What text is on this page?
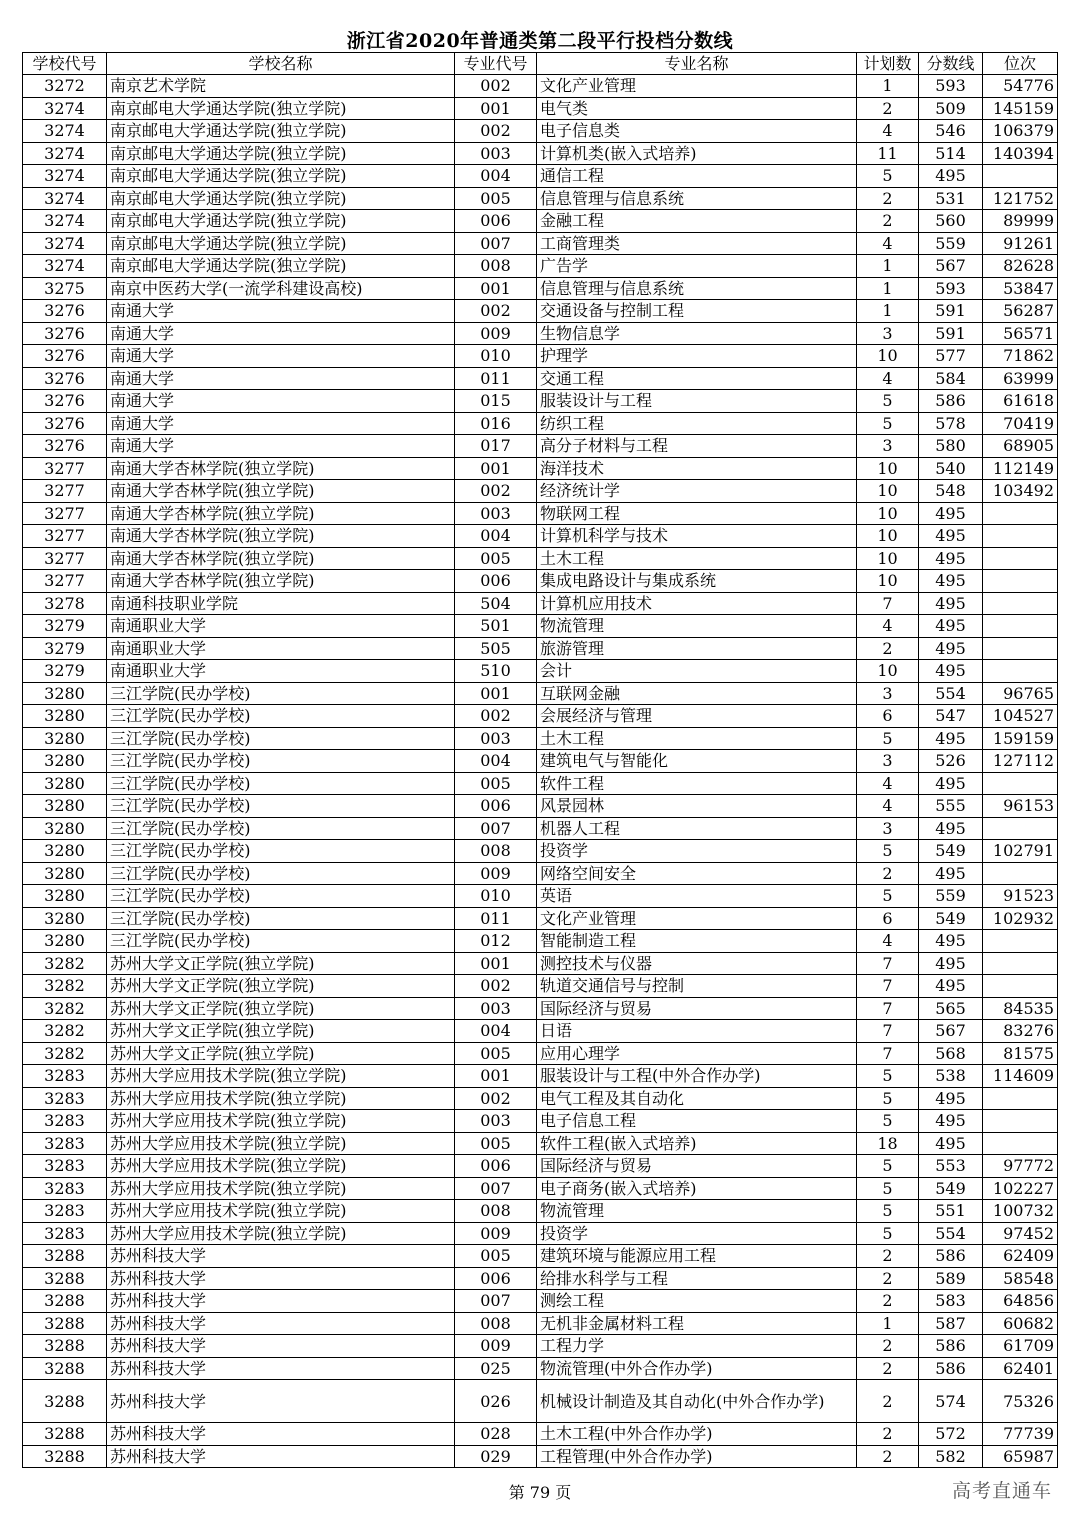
浙江省2020年普通类第二段平行投档分数线
学校代号	学校名称	专业代号	专业名称	计划数	分数线	位次
3272	南京艺术学院	002	文化产业管理	1	593	54776
3274	南京邮电大学通达学院(独立学院)	001	电气类	2	509	145159
3274	南京邮电大学通达学院(独立学院)	002	电子信息类	4	546	106379
3274	南京邮电大学通达学院(独立学院)	003	计算机类(嵌入式培养)	11	514	140394
3274	南京邮电大学通达学院(独立学院)	004	通信工程	5	495	
3274	南京邮电大学通达学院(独立学院)	005	信息管理与信息系统	2	531	121752
3274	南京邮电大学通达学院(独立学院)	006	金融工程	2	560	89999
3274	南京邮电大学通达学院(独立学院)	007	工商管理类	4	559	91261
3274	南京邮电大学通达学院(独立学院)	008	广告学	1	567	82628
3275	南京中医药大学(一流学科建设高校)	001	信息管理与信息系统	1	593	53847
3276	南通大学	002	交通设备与控制工程	1	591	56287
3276	南通大学	009	生物信息学	3	591	56571
3276	南通大学	010	护理学	10	577	71862
3276	南通大学	011	交通工程	4	584	63999
3276	南通大学	015	服装设计与工程	5	586	61618
3276	南通大学	016	纺织工程	5	578	70419
3276	南通大学	017	高分子材料与工程	3	580	68905
3277	南通大学杏林学院(独立学院)	001	海洋技术	10	540	112149
3277	南通大学杏林学院(独立学院)	002	经济统计学	10	548	103492
3277	南通大学杏林学院(独立学院)	003	物联网工程	10	495	
3277	南通大学杏林学院(独立学院)	004	计算机科学与技术	10	495	
3277	南通大学杏林学院(独立学院)	005	土木工程	10	495	
3277	南通大学杏林学院(独立学院)	006	集成电路设计与集成系统	10	495	
3278	南通科技职业学院	504	计算机应用技术	7	495	
3279	南通职业大学	501	物流管理	4	495	
3279	南通职业大学	505	旅游管理	2	495	
3279	南通职业大学	510	会计	10	495	
3280	三江学院(民办学校)	001	互联网金融	3	554	96765
3280	三江学院(民办学校)	002	会展经济与管理	6	547	104527
3280	三江学院(民办学校)	003	土木工程	5	495	159159
3280	三江学院(民办学校)	004	建筑电气与智能化	3	526	127112
3280	三江学院(民办学校)	005	软件工程	4	495	
3280	三江学院(民办学校)	006	风景园林	4	555	96153
3280	三江学院(民办学校)	007	机器人工程	3	495	
3280	三江学院(民办学校)	008	投资学	5	549	102791
3280	三江学院(民办学校)	009	网络空间安全	2	495	
3280	三江学院(民办学校)	010	英语	5	559	91523
3280	三江学院(民办学校)	011	文化产业管理	6	549	102932
3280	三江学院(民办学校)	012	智能制造工程	4	495	
3282	苏州大学文正学院(独立学院)	001	测控技术与仪器	7	495	
3282	苏州大学文正学院(独立学院)	002	轨道交通信号与控制	7	495	
3282	苏州大学文正学院(独立学院)	003	国际经济与贸易	7	565	84535
3282	苏州大学文正学院(独立学院)	004	日语	7	567	83276
3282	苏州大学文正学院(独立学院)	005	应用心理学	7	568	81575
3283	苏州大学应用技术学院(独立学院)	001	服装设计与工程(中外合作办学)	5	538	114609
3283	苏州大学应用技术学院(独立学院)	002	电气工程及其自动化	5	495	
3283	苏州大学应用技术学院(独立学院)	003	电子信息工程	5	495	
3283	苏州大学应用技术学院(独立学院)	005	软件工程(嵌入式培养)	18	495	
3283	苏州大学应用技术学院(独立学院)	006	国际经济与贸易	5	553	97772
3283	苏州大学应用技术学院(独立学院)	007	电子商务(嵌入式培养)	5	549	102227
3283	苏州大学应用技术学院(独立学院)	008	物流管理	5	551	100732
3283	苏州大学应用技术学院(独立学院)	009	投资学	5	554	97452
3288	苏州科技大学	005	建筑环境与能源应用工程	2	586	62409
3288	苏州科技大学	006	给排水科学与工程	2	589	58548
3288	苏州科技大学	007	测绘工程	2	583	64856
3288	苏州科技大学	008	无机非金属材料工程	1	587	60682
3288	苏州科技大学	009	工程力学	2	586	61709
3288	苏州科技大学	025	物流管理(中外合作办学)	2	586	62401
3288	苏州科技大学	026	机械设计制造及其自动化(中外合作办学)	2	574	75326
3288	苏州科技大学	028	土木工程(中外合作办学)	2	572	77739
3288	苏州科技大学	029	工程管理(中外合作办学)	2	582	65987
第 79 页	高考直通车
